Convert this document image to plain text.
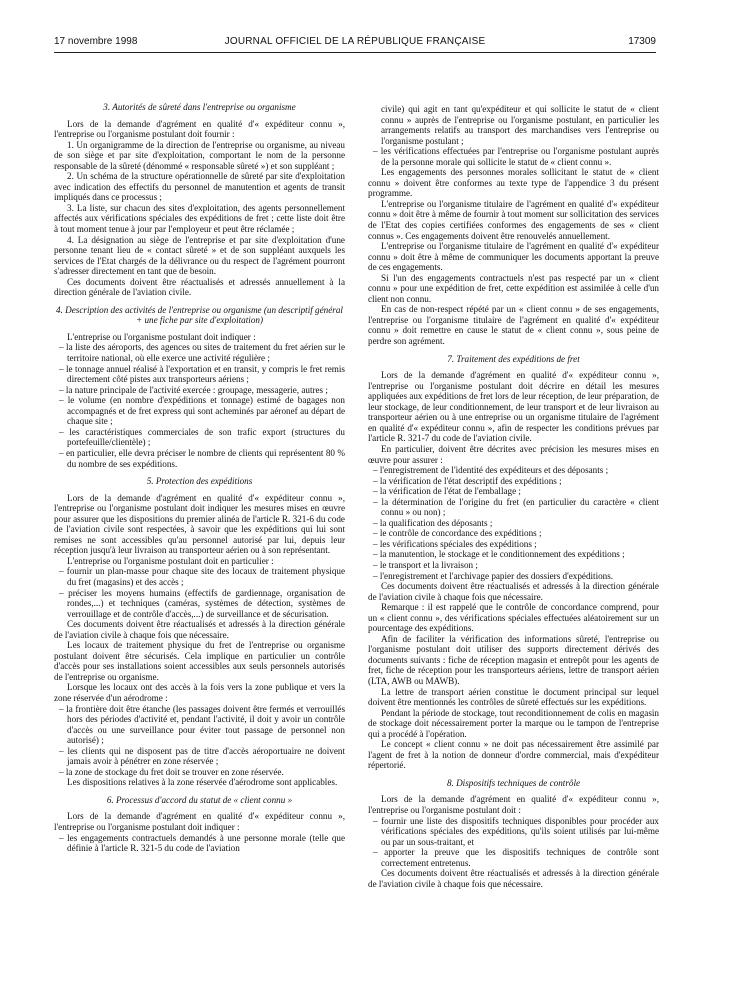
17 novembre 1998	JOURNAL OFFICIEL DE LA RÉPUBLIQUE FRANÇAISE	17309

3. Autorités de sûreté dans l'entreprise ou organisme

Lors de la demande d'agrément en qualité d'« expéditeur connu », l'entreprise ou l'organisme postulant doit fournir :

1. Un organigramme de la direction de l'entreprise ou organisme, au niveau de son siège et par site d'exploitation, comportant le nom de la personne responsable de la sûreté (dénommé « responsable sûreté ») et son suppléant ;

2. Un schéma de la structure opérationnelle de sûreté par site d'exploitation avec indication des effectifs du personnel de manutention et agents de transit impliqués dans ce processus ;

3. La liste, sur chacun des sites d'exploitation, des agents personnellement affectés aux vérifications spéciales des expéditions de fret ; cette liste doit être à tout moment tenue à jour par l'employeur et peut être réclamée ;

4. La désignation au siège de l'entreprise et par site d'exploitation d'une personne tenant lieu de « contact sûreté » et de son suppléant auxquels les services de l'Etat chargés de la délivrance ou du respect de l'agrément pourront s'adresser directement en tant que de besoin.

Ces documents doivent être réactualisés et adressés annuellement à la direction générale de l'aviation civile.

4. Description des activités de l'entreprise ou organisme (un descriptif général + une fiche par site d'exploitation)

L'entreprise ou l'organisme postulant doit indiquer :

– la liste des aéroports, des agences ou sites de traitement du fret aérien sur le territoire national, où elle exerce une activité régulière ;

– le tonnage annuel réalisé à l'exportation et en transit, y compris le fret remis directement côté pistes aux transporteurs aériens ;

– la nature principale de l'activité exercée : groupage, messagerie, autres ;

– le volume (en nombre d'expéditions et tonnage) estimé de bagages non accompagnés et de fret express qui sont acheminés par aéronef au départ de chaque site ;

– les caractéristiques commerciales de son trafic export (structures du portefeuille/clientèle) ;

– en particulier, elle devra préciser le nombre de clients qui représentent 80 % du nombre de ses expéditions.

5. Protection des expéditions

Lors de la demande d'agrément en qualité d'« expéditeur connu », l'entreprise ou l'organisme postulant doit indiquer les mesures mises en œuvre pour assurer que les dispositions du premier alinéa de l'article R. 321-6 du code de l'aviation civile sont respectées, à savoir que les expéditions qui lui sont remises ne sont accessibles qu'au personnel autorisé par lui, depuis leur réception jusqu'à leur livraison au transporteur aérien ou à son représentant.

L'entreprise ou l'organisme postulant doit en particulier :

– fournir un plan-masse pour chaque site des locaux de traitement physique du fret (magasins) et des accès ;

– préciser les moyens humains (effectifs de gardiennage, organisation de rondes,...) et techniques (caméras, systèmes de détection, systèmes de verrouillage et de contrôle d'accès,...) de surveillance et de sécurisation.

Ces documents doivent être réactualisés et adressés à la direction générale de l'aviation civile à chaque fois que nécessaire.

Les locaux de traitement physique du fret de l'entreprise ou organisme postulant doivent être sécurisés. Cela implique en particulier un contrôle d'accès pour ses installations soient accessibles aux seuls personnels autorisés de l'entreprise ou organisme.

Lorsque les locaux ont des accès à la fois vers la zone publique et vers la zone réservée d'un aérodrome :

– la frontière doit être étanche (les passages doivent être fermés et verrouillés hors des périodes d'activité et, pendant l'activité, il doit y avoir un contrôle d'accès ou une surveillance pour éviter tout passage de personnel non autorisé) ;

– les clients qui ne disposent pas de titre d'accès aéroportuaire ne doivent jamais avoir à pénétrer en zone réservée ;

– la zone de stockage du fret doit se trouver en zone réservée.

Les dispositions relatives à la zone réservée d'aérodrome sont applicables.

6. Processus d'accord du statut de « client connu »

Lors de la demande d'agrément en qualité d'« expéditeur connu », l'entreprise ou l'organisme postulant doit indiquer :

– les engagements contractuels demandés à une personne morale (telle que définie à l'article R. 321-5 du code de l'aviation

civile) qui agit en tant qu'expéditeur et qui sollicite le statut de « client connu » auprès de l'entreprise ou l'organisme postulant, en particulier les arrangements relatifs au transport des marchandises vers l'entreprise ou l'organisme postulant ;

– les vérifications effectuées par l'entreprise ou l'organisme postulant auprès de la personne morale qui sollicite le statut de « client connu ».

Les engagements des personnes morales sollicitant le statut de « client connu » doivent être conformes au texte type de l'appendice 3 du présent programme.

L'entreprise ou l'organisme titulaire de l'agrément en qualité d'« expéditeur connu » doit être à même de fournir à tout moment sur sollicitation des services de l'Etat des copies certifiées conformes des engagements de ses « client connus ». Ces engagements doivent être renouvelés annuellement.

L'entreprise ou l'organisme titulaire de l'agrément en qualité d'« expéditeur connu » doit être à même de communiquer les documents apportant la preuve de ces engagements.

Si l'un des engagements contractuels n'est pas respecté par un « client connu » pour une expédition de fret, cette expédition est assimilée à celle d'un client non connu.

En cas de non-respect répété par un « client connu » de ses engagements, l'entreprise ou l'organisme titulaire de l'agrément en qualité d'« expéditeur connu » doit remettre en cause le statut de « client connu », sous peine de perdre son agrément.

7. Traitement des expéditions de fret

Lors de la demande d'agrément en qualité d'« expéditeur connu », l'entreprise ou l'organisme postulant doit décrire en détail les mesures appliquées aux expéditions de fret lors de leur réception, de leur préparation, de leur stockage, de leur conditionnement, de leur transport et de leur livraison au transporteur aérien ou à une entreprise ou un organisme titulaire de l'agrément en qualité d'« expéditeur connu », afin de respecter les conditions prévues par l'article R. 321-7 du code de l'aviation civile.

En particulier, doivent être décrites avec précision les mesures mises en œuvre pour assurer :

– l'enregistrement de l'identité des expéditeurs et des déposants ;

– la vérification de l'état descriptif des expéditions ;

– la vérification de l'état de l'emballage ;

– la détermination de l'origine du fret (en particulier du caractère « client connu » ou non) ;

– la qualification des déposants ;

– le contrôle de concordance des expéditions ;

– les vérifications spéciales des expéditions ;

– la manutention, le stockage et le conditionnement des expéditions ;

– le transport et la livraison ;

– l'enregistrement et l'archivage papier des dossiers d'expéditions.

Ces documents doivent être réactualisés et adressés à la direction générale de l'aviation civile à chaque fois que nécessaire.

Remarque : il est rappelé que le contrôle de concordance comprend, pour un « client connu », des vérifications spéciales effectuées aléatoirement sur un pourcentage des expéditions.

Afin de faciliter la vérification des informations sûreté, l'entreprise ou l'organisme postulant doit utiliser des supports directement dérivés des documents suivants : fiche de réception magasin et entrepôt pour les agents de fret, fiche de réception pour les transporteurs aériens, lettre de transport aérien (LTA, AWB ou MAWB).

La lettre de transport aérien constitue le document principal sur lequel doivent être mentionnés les contrôles de sûreté effectués sur les expéditions.

Pendant la période de stockage, tout reconditionnement de colis en magasin de stockage doit nécessairement porter la marque ou le tampon de l'entreprise qui a procédé à l'opération.

Le concept « client connu » ne doit pas nécessairement être assimilé par l'agent de fret à la notion de donneur d'ordre commercial, mais d'expéditeur répertorié.

8. Dispositifs techniques de contrôle

Lors de la demande d'agrément en qualité d'« expéditeur connu », l'entreprise ou l'organisme postulant doit :

– fournir une liste des dispositifs techniques disponibles pour procéder aux vérifications spéciales des expéditions, qu'ils soient utilisés par lui-même ou par un sous-traitant, et

– apporter la preuve que les dispositifs techniques de contrôle sont correctement entretenus.

Ces documents doivent être réactualisés et adressés à la direction générale de l'aviation civile à chaque fois que nécessaire.
